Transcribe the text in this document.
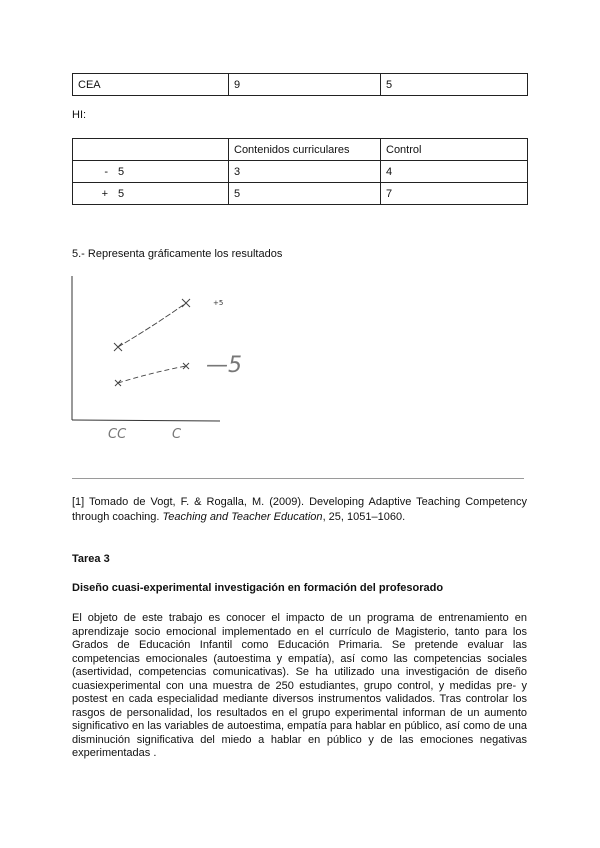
CEA	9	5
HI:
	Contenidos curriculares	Control
- 5	3	4
+ 5	5	7
5.- Representa gráficamente los resultados
+5
—5
CC	C
[1] Tomado de Vogt, F. & Rogalla, M. (2009). Developing Adaptive Teaching Competency through coaching. Teaching and Teacher Education, 25, 1051–1060.
Tarea 3
Diseño cuasi-experimental investigación en formación del profesorado
El objeto de este trabajo es conocer el impacto de un programa de entrenamiento en aprendizaje socio emocional implementado en el currículo de Magisterio, tanto para los Grados de Educación Infantil como Educación Primaria. Se pretende evaluar las competencias emocionales (autoestima y empatía), así como las competencias sociales (asertividad, competencias comunicativas). Se ha utilizado una investigación de diseño cuasiexperimental con una muestra de 250 estudiantes, grupo control, y medidas pre- y postest en cada especialidad mediante diversos instrumentos validados. Tras controlar los rasgos de personalidad, los resultados en el grupo experimental informan de un aumento significativo en las variables de autoestima, empatía para hablar en público, así como de una disminución significativa del miedo a hablar en público y de las emociones negativas experimentadas .
